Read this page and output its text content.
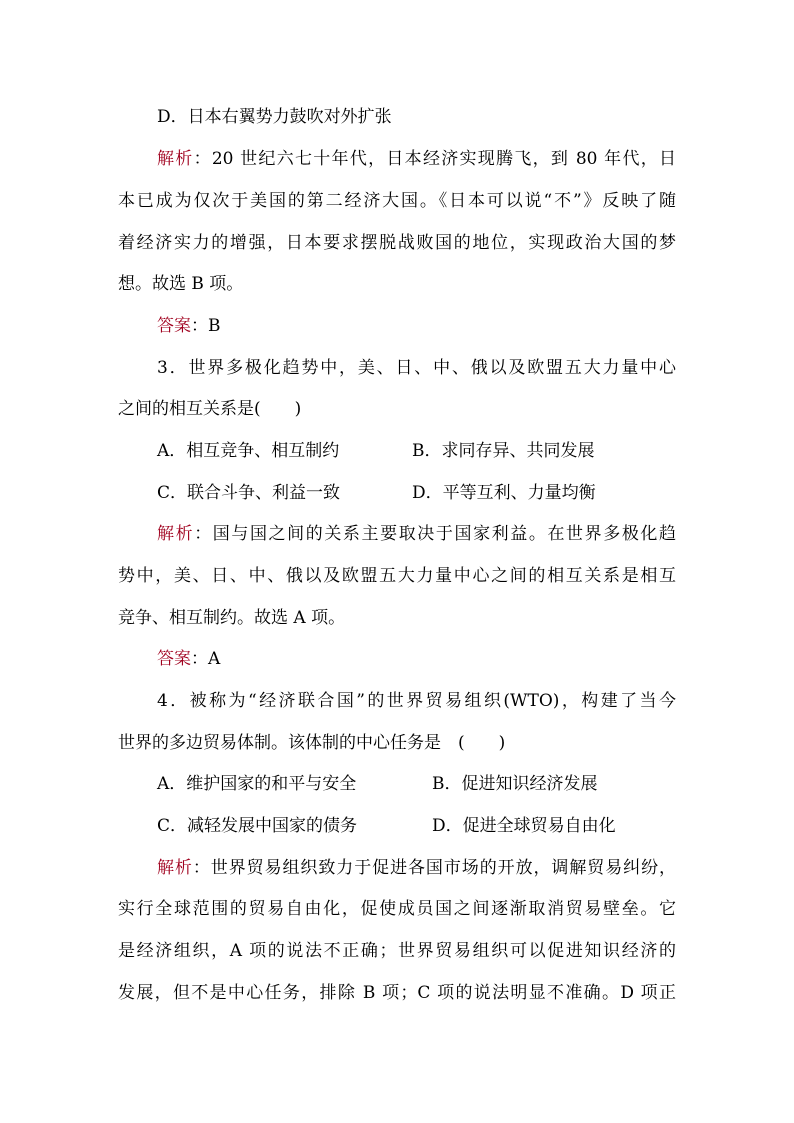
D．日本右翼势力鼓吹对外扩张
解析：20 世纪六七十年代，日本经济实现腾飞，到 80 年代，日
本已成为仅次于美国的第二经济大国。《日本可以说“不”》反映了随
着经济实力的增强，日本要求摆脱战败国的地位，实现政治大国的梦
想。故选 B 项。
答案：B
3．世界多极化趋势中，美、日、中、俄以及欧盟五大力量中心
之间的相互关系是(　　)
A．相互竞争、相互制约	B．求同存异、共同发展
C．联合斗争、利益一致	D．平等互利、力量均衡
解析：国与国之间的关系主要取决于国家利益。在世界多极化趋
势中，美、日、中、俄以及欧盟五大力量中心之间的相互关系是相互
竞争、相互制约。故选 A 项。
答案：A
4．被称为“经济联合国”的世界贸易组织(WTO)，构建了当今
世界的多边贸易体制。该体制的中心任务是　(　　)
A．维护国家的和平与安全	B．促进知识经济发展
C．减轻发展中国家的债务	D．促进全球贸易自由化
解析：世界贸易组织致力于促进各国市场的开放，调解贸易纠纷，
实行全球范围的贸易自由化，促使成员国之间逐渐取消贸易壁垒。它
是经济组织，A 项的说法不正确；世界贸易组织可以促进知识经济的
发展，但不是中心任务，排除 B 项；C 项的说法明显不准确。D 项正
